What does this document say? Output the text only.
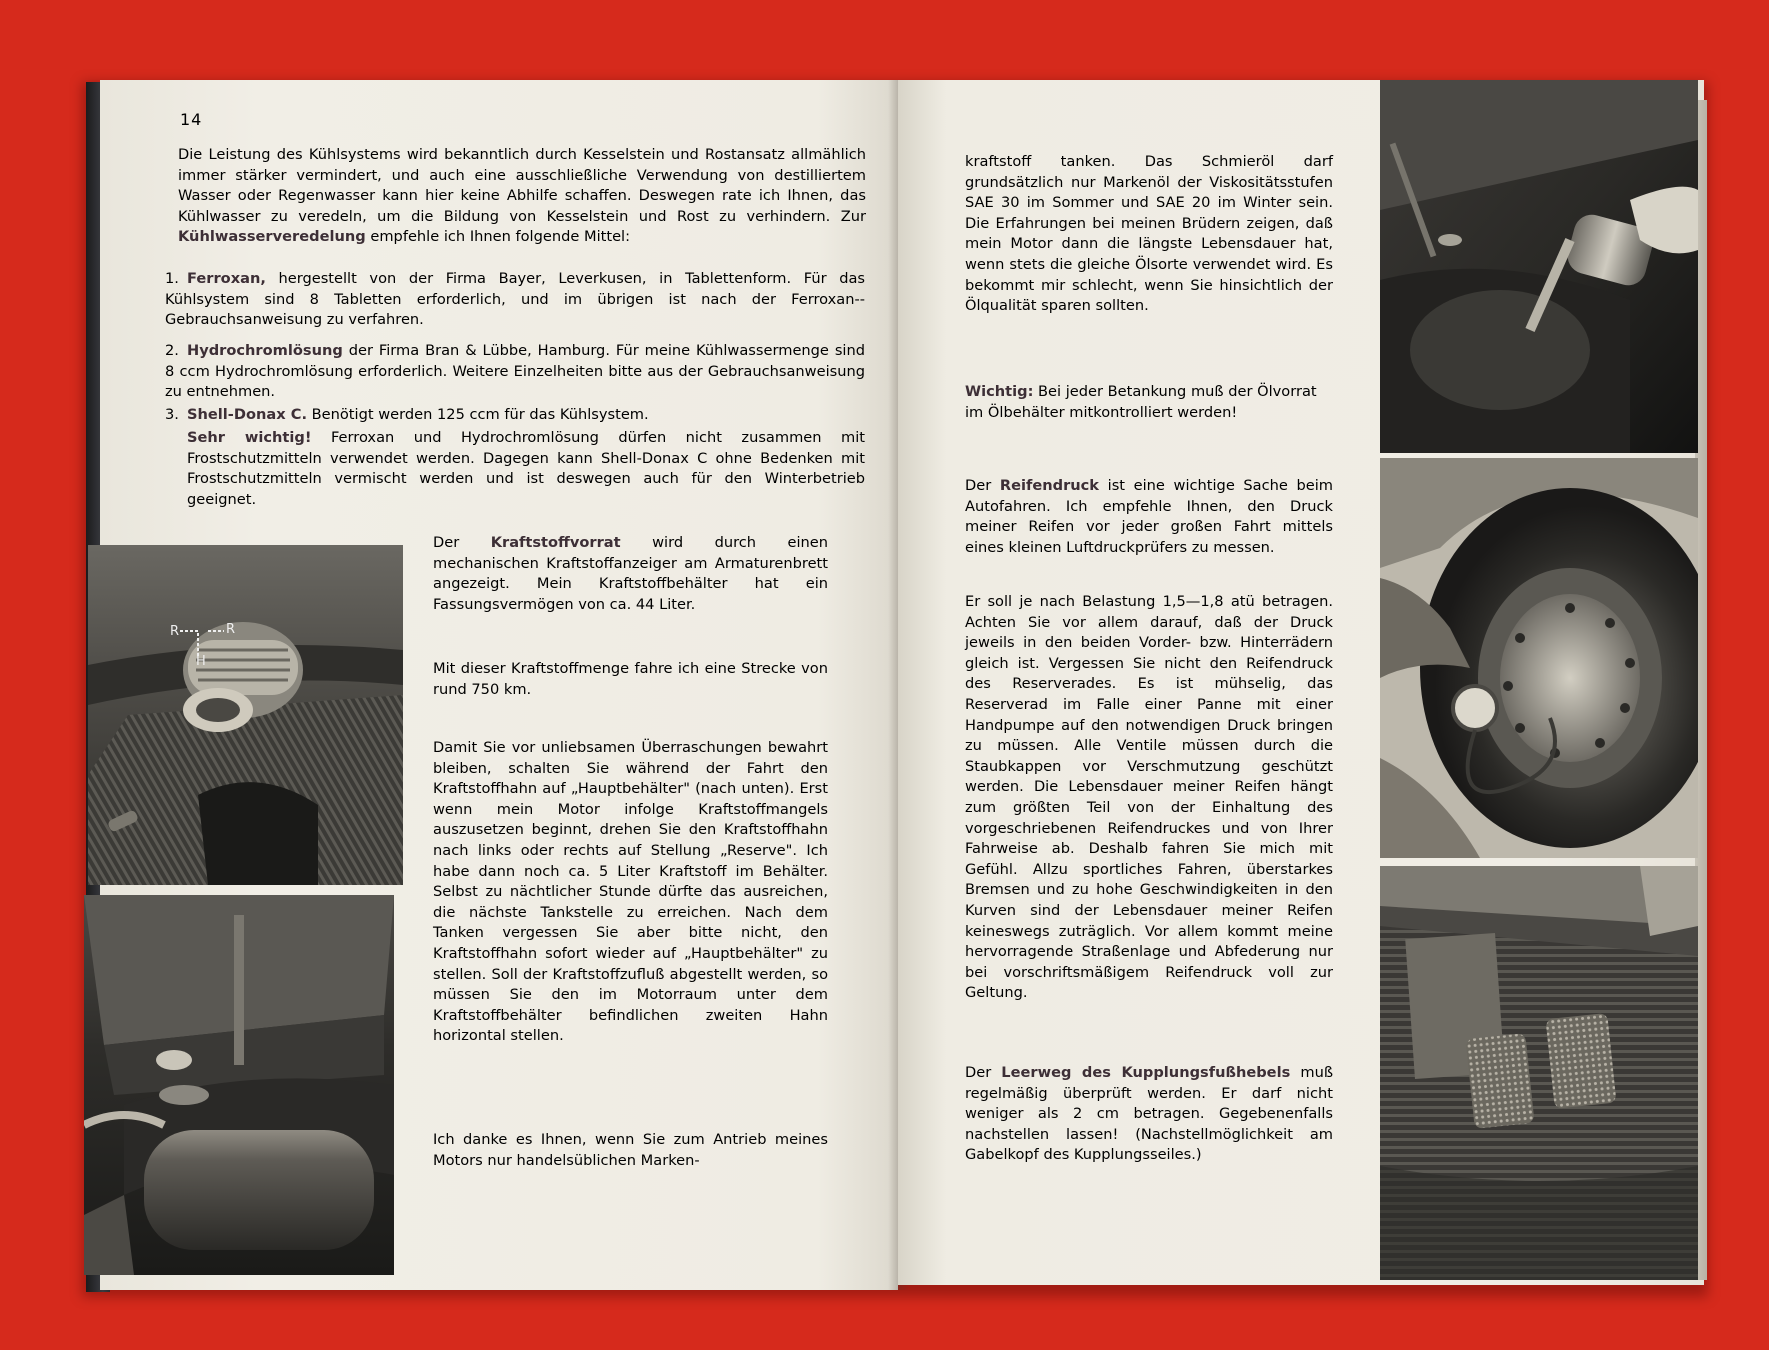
14

Die Leistung des Kühlsystems wird bekanntlich durch Kesselstein und Rostansatz allmählich immer stärker vermindert, und auch eine ausschließliche Verwendung von destilliertem Wasser oder Regenwasser kann hier keine Abhilfe schaffen. Deswegen rate ich Ihnen, das Kühlwasser zu veredeln, um die Bildung von Kesselstein und Rost zu verhindern. Zur Kühlwasserveredelung empfehle ich Ihnen folgende Mittel:

1. Ferroxan, hergestellt von der Firma Bayer, Leverkusen, in Tablettenform. Für das Kühlsystem sind 8 Tabletten erforderlich, und im übrigen ist nach der Ferroxan--Gebrauchsanweisung zu verfahren.
2. Hydrochromlösung der Firma Bran & Lübbe, Hamburg. Für meine Kühlwassermenge sind 8 ccm Hydrochromlösung erforderlich. Weitere Einzelheiten bitte aus der Gebrauchsanweisung zu entnehmen.
3. Shell-Donax C. Benötigt werden 125 ccm für das Kühlsystem.

Sehr wichtig! Ferroxan und Hydrochromlösung dürfen nicht zusammen mit Frostschutzmitteln verwendet werden. Dagegen kann Shell-Donax C ohne Bedenken mit Frostschutzmitteln vermischt werden und ist deswegen auch für den Winterbetrieb geeignet.

R	R
H

Der Kraftstoffvorrat wird durch einen mechanischen Kraftstoffanzeiger am Armaturenbrett angezeigt. Mein Kraftstoffbehälter hat ein Fassungsvermögen von ca. 44 Liter.

Mit dieser Kraftstoffmenge fahre ich eine Strecke von rund 750 km.

Damit Sie vor unliebsamen Überraschungen bewahrt bleiben, schalten Sie während der Fahrt den Kraftstoffhahn auf „Hauptbehälter" (nach unten). Erst wenn mein Motor infolge Kraftstoffmangels auszusetzen beginnt, drehen Sie den Kraftstoffhahn nach links oder rechts auf Stellung „Reserve". Ich habe dann noch ca. 5 Liter Kraftstoff im Behälter. Selbst zu nächtlicher Stunde dürfte das ausreichen, die nächste Tankstelle zu erreichen. Nach dem Tanken vergessen Sie aber bitte nicht, den Kraftstoffhahn sofort wieder auf „Hauptbehälter" zu stellen. Soll der Kraftstoffzufluß abgestellt werden, so müssen Sie den im Motorraum unter dem Kraftstoffbehälter befindlichen zweiten Hahn horizontal stellen.

Ich danke es Ihnen, wenn Sie zum Antrieb meines Motors nur handelsüblichen Marken-

kraftstoff tanken. Das Schmieröl darf grundsätzlich nur Markenöl der Viskositätsstufen SAE 30 im Sommer und SAE 20 im Winter sein. Die Erfahrungen bei meinen Brüdern zeigen, daß mein Motor dann die längste Lebensdauer hat, wenn stets die gleiche Ölsorte verwendet wird. Es bekommt mir schlecht, wenn Sie hinsichtlich der Ölqualität sparen sollten.

Wichtig: Bei jeder Betankung muß der Ölvorrat im Ölbehälter mitkontrolliert werden!

Der Reifendruck ist eine wichtige Sache beim Autofahren. Ich empfehle Ihnen, den Druck meiner Reifen vor jeder großen Fahrt mittels eines kleinen Luftdruckprüfers zu messen.

Er soll je nach Belastung 1,5—1,8 atü betragen. Achten Sie vor allem darauf, daß der Druck jeweils in den beiden Vorder- bzw. Hinterrädern gleich ist. Vergessen Sie nicht den Reifendruck des Reserverades. Es ist mühselig, das Reserverad im Falle einer Panne mit einer Handpumpe auf den notwendigen Druck bringen zu müssen. Alle Ventile müssen durch die Staubkappen vor Verschmutzung geschützt werden. Die Lebensdauer meiner Reifen hängt zum größten Teil von der Einhaltung des vorgeschriebenen Reifendruckes und von Ihrer Fahrweise ab. Deshalb fahren Sie mich mit Gefühl. Allzu sportliches Fahren, überstarkes Bremsen und zu hohe Geschwindigkeiten in den Kurven sind der Lebensdauer meiner Reifen keineswegs zuträglich. Vor allem kommt meine hervorragende Straßenlage und Abfederung nur bei vorschriftsmäßigem Reifendruck voll zur Geltung.

Der Leerweg des Kupplungsfußhebels muß regelmäßig überprüft werden. Er darf nicht weniger als 2 cm betragen. Gegebenenfalls nachstellen lassen! (Nachstellmöglichkeit am Gabelkopf des Kupplungsseiles.)
